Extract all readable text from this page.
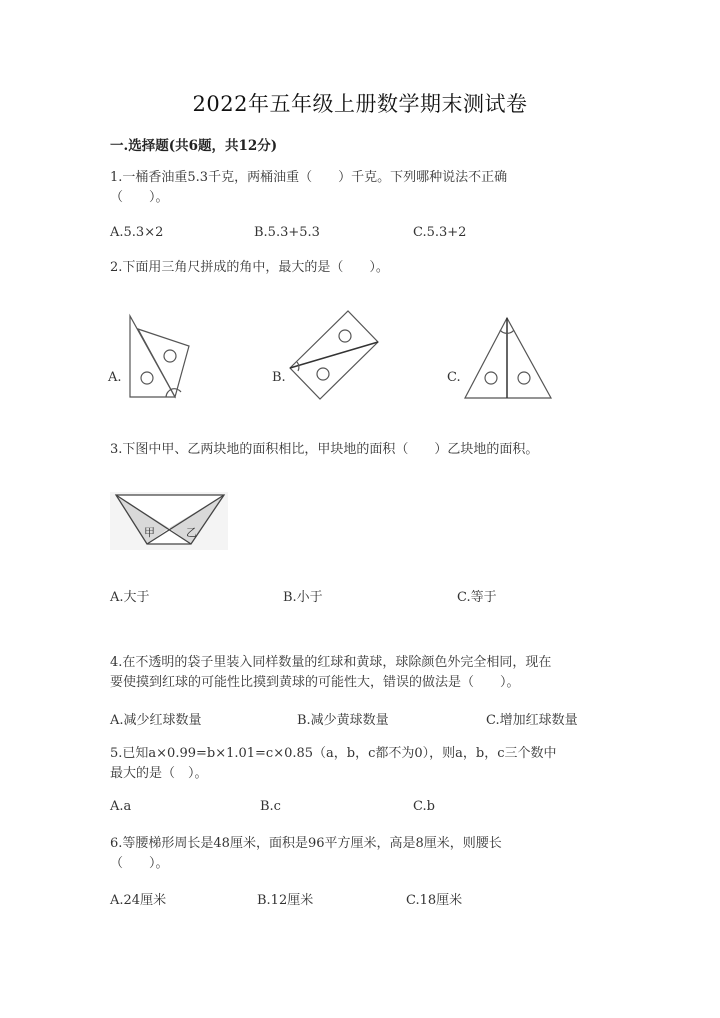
2022年五年级上册数学期末测试卷
一.选择题(共6题，共12分)
1.一桶香油重5.3千克，两桶油重（　　）千克。下列哪种说法不正确
（　　）。
A.5.3×2	B.5.3+5.3	C.5.3+2
2.下面用三角尺拼成的角中，最大的是（　　）。
A.	B.	C.
3.下图中甲、乙两块地的面积相比，甲块地的面积（　　）乙块地的面积。
甲	乙
A.大于	B.小于	C.等于
4.在不透明的袋子里装入同样数量的红球和黄球，球除颜色外完全相同，现在
要使摸到红球的可能性比摸到黄球的可能性大，错误的做法是（　　）。
A.减少红球数量	B.减少黄球数量	C.增加红球数量
5.已知a×0.99=b×1.01=c×0.85（a，b，c都不为0），则a，b，c三个数中
最大的是（　）。
A.a	B.c	C.b
6.等腰梯形周长是48厘米，面积是96平方厘米，高是8厘米，则腰长
（　　）。
A.24厘米	B.12厘米	C.18厘米
